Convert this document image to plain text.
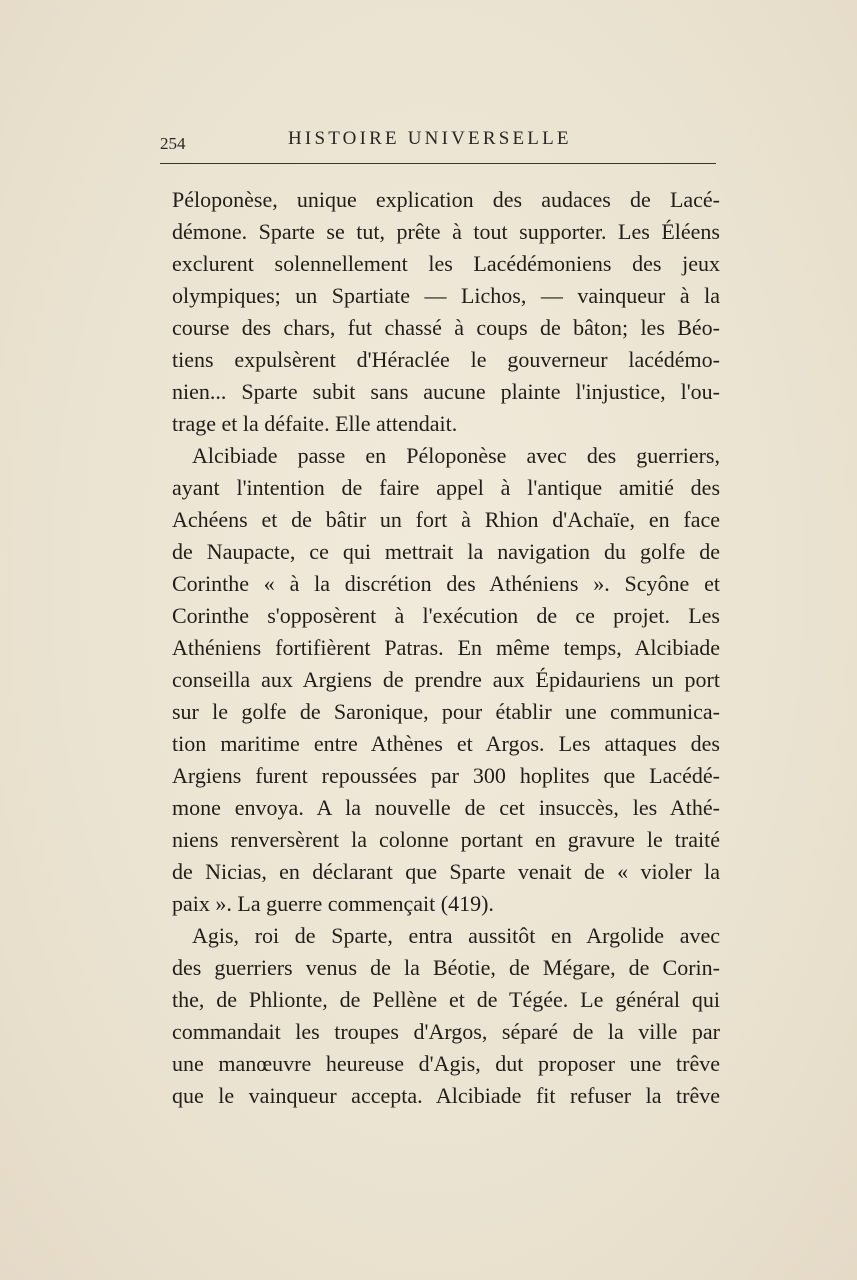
254	HISTOIRE UNIVERSELLE
Péloponèse, unique explication des audaces de Lacé-
démone. Sparte se tut, prête à tout supporter. Les Éléens
exclurent solennellement les Lacédémoniens des jeux
olympiques; un Spartiate — Lichos, — vainqueur à la
course des chars, fut chassé à coups de bâton; les Béo-
tiens expulsèrent d'Héraclée le gouverneur lacédémo-
nien... Sparte subit sans aucune plainte l'injustice, l'ou-
trage et la défaite. Elle attendait.
Alcibiade passe en Péloponèse avec des guerriers,
ayant l'intention de faire appel à l'antique amitié des
Achéens et de bâtir un fort à Rhion d'Achaïe, en face
de Naupacte, ce qui mettrait la navigation du golfe de
Corinthe « à la discrétion des Athéniens ». Scyône et
Corinthe s'opposèrent à l'exécution de ce projet. Les
Athéniens fortifièrent Patras. En même temps, Alcibiade
conseilla aux Argiens de prendre aux Épidauriens un port
sur le golfe de Saronique, pour établir une communica-
tion maritime entre Athènes et Argos. Les attaques des
Argiens furent repoussées par 300 hoplites que Lacédé-
mone envoya. A la nouvelle de cet insuccès, les Athé-
niens renversèrent la colonne portant en gravure le traité
de Nicias, en déclarant que Sparte venait de « violer la
paix ». La guerre commençait (419).
Agis, roi de Sparte, entra aussitôt en Argolide avec
des guerriers venus de la Béotie, de Mégare, de Corin-
the, de Phlionte, de Pellène et de Tégée. Le général qui
commandait les troupes d'Argos, séparé de la ville par
une manœuvre heureuse d'Agis, dut proposer une trêve
que le vainqueur accepta. Alcibiade fit refuser la trêve
